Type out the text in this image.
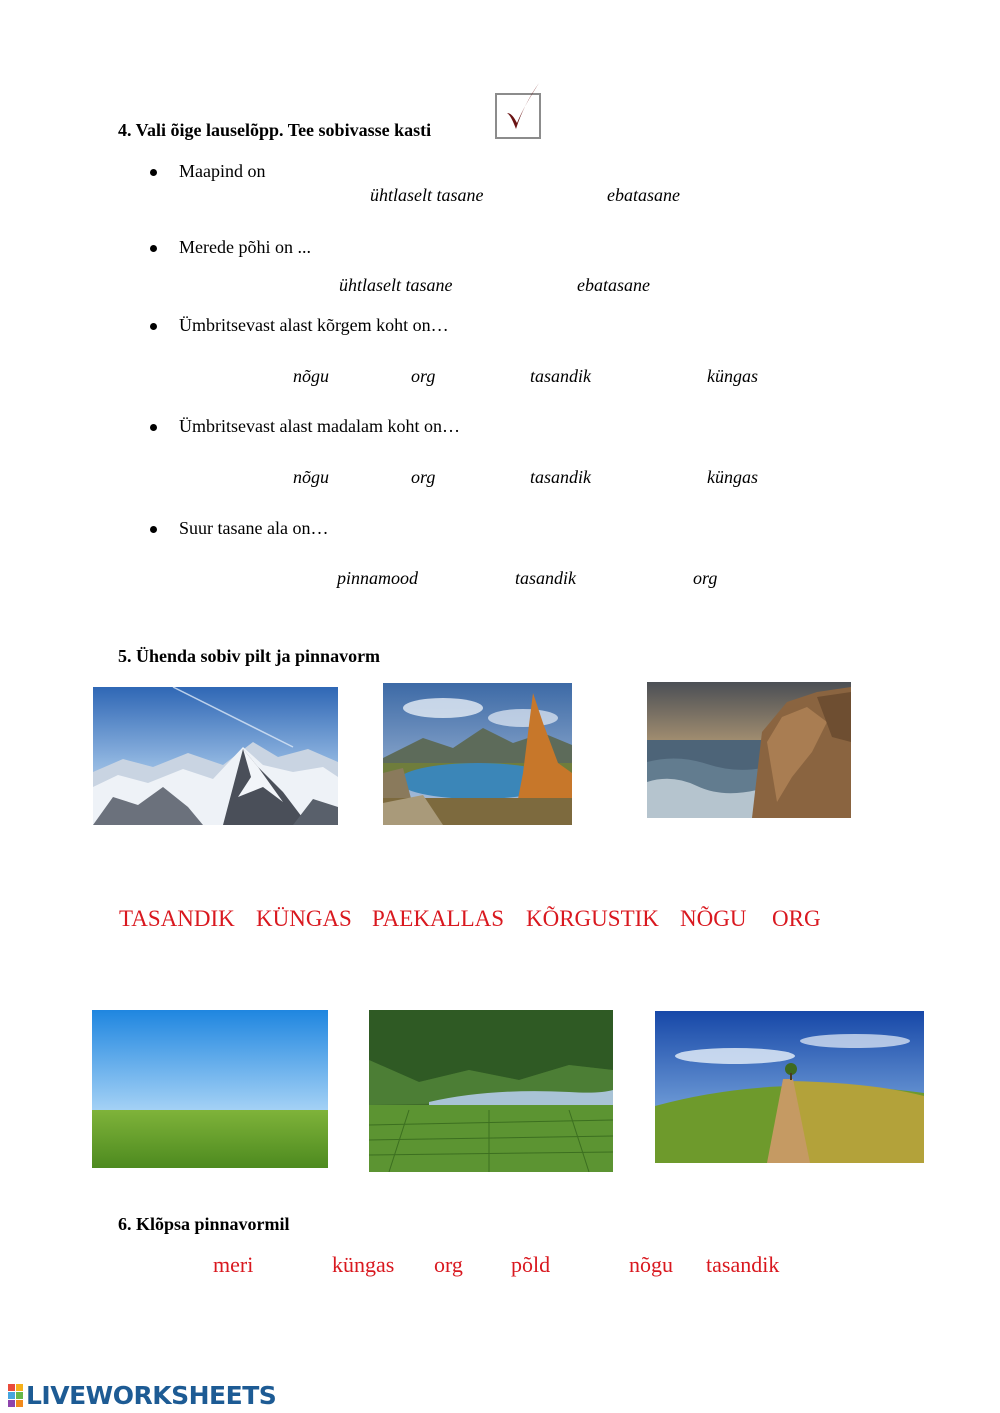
4. Vali õige lauselõpp. Tee sobivasse kasti
Maapind on
ühtlaselt tasane	ebatasane
Merede põhi on ...
ühtlaselt tasane	ebatasane
Ümbritsevast alast kõrgem koht on…
nõgu	org	tasandik	küngas
Ümbritsevast alast madalam koht on…
nõgu	org	tasandik	küngas
Suur tasane ala on…
pinnamood	tasandik	org
5. Ühenda sobiv pilt ja pinnavorm
TASANDIK KÜNGAS PAEKALLAS KÕRGUSTIK NÕGU ORG
6. Klõpsa pinnavormil
meri	küngas org põld	nõgu tasandik
LIVEWORKSHEETS
